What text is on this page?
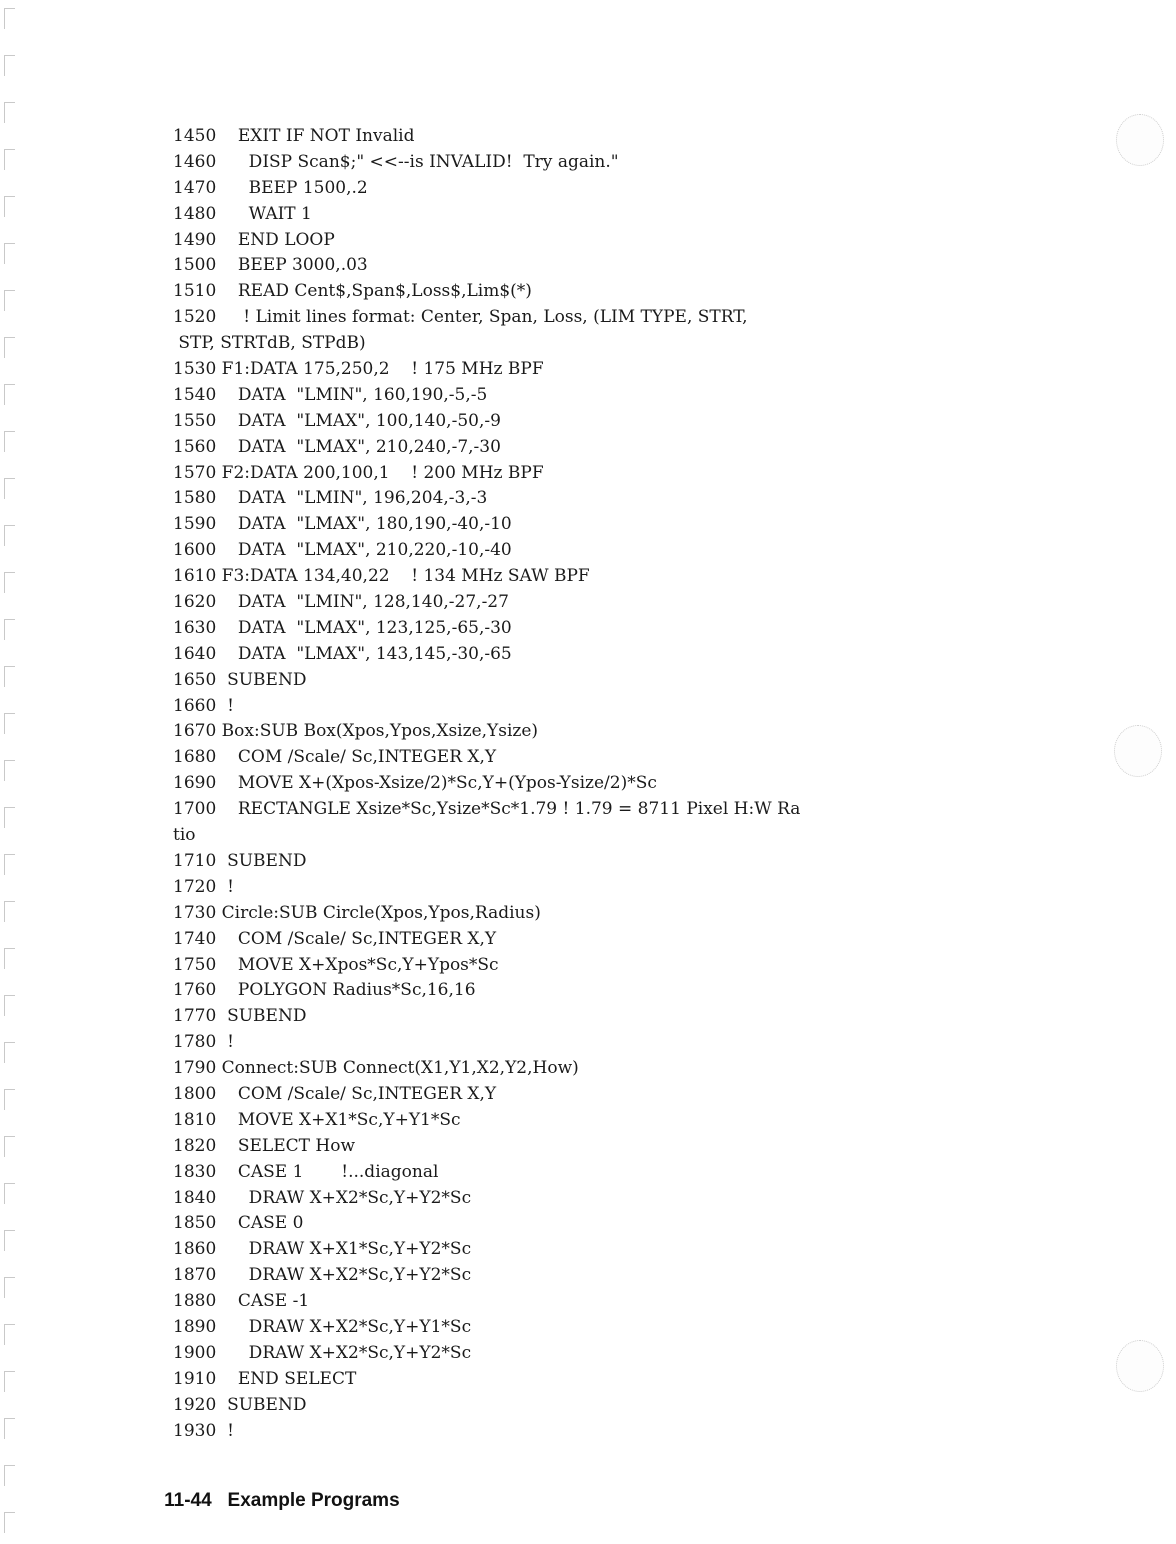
1450    EXIT IF NOT Invalid
1460      DISP Scan$;" <<--is INVALID!  Try again."
1470      BEEP 1500,.2
1480      WAIT 1
1490    END LOOP
1500    BEEP 3000,.03
1510    READ Cent$,Span$,Loss$,Lim$(*)
1520     ! Limit lines format: Center, Span, Loss, (LIM TYPE, STRT,
STP, STRTdB, STPdB)
1530 F1:DATA 175,250,2    ! 175 MHz BPF
1540    DATA  "LMIN", 160,190,-5,-5
1550    DATA  "LMAX", 100,140,-50,-9
1560    DATA  "LMAX", 210,240,-7,-30
1570 F2:DATA 200,100,1    ! 200 MHz BPF
1580    DATA  "LMIN", 196,204,-3,-3
1590    DATA  "LMAX", 180,190,-40,-10
1600    DATA  "LMAX", 210,220,-10,-40
1610 F3:DATA 134,40,22    ! 134 MHz SAW BPF
1620    DATA  "LMIN", 128,140,-27,-27
1630    DATA  "LMAX", 123,125,-65,-30
1640    DATA  "LMAX", 143,145,-30,-65
1650  SUBEND
1660  !
1670 Box:SUB Box(Xpos,Ypos,Xsize,Ysize)
1680    COM /Scale/ Sc,INTEGER X,Y
1690    MOVE X+(Xpos-Xsize/2)*Sc,Y+(Ypos-Ysize/2)*Sc
1700    RECTANGLE Xsize*Sc,Ysize*Sc*1.79 ! 1.79 = 8711 Pixel H:W Ra
tio
1710  SUBEND
1720  !
1730 Circle:SUB Circle(Xpos,Ypos,Radius)
1740    COM /Scale/ Sc,INTEGER X,Y
1750    MOVE X+Xpos*Sc,Y+Ypos*Sc
1760    POLYGON Radius*Sc,16,16
1770  SUBEND
1780  !
1790 Connect:SUB Connect(X1,Y1,X2,Y2,How)
1800    COM /Scale/ Sc,INTEGER X,Y
1810    MOVE X+X1*Sc,Y+Y1*Sc
1820    SELECT How
1830    CASE 1       !...diagonal
1840      DRAW X+X2*Sc,Y+Y2*Sc
1850    CASE 0
1860      DRAW X+X1*Sc,Y+Y2*Sc
1870      DRAW X+X2*Sc,Y+Y2*Sc
1880    CASE -1
1890      DRAW X+X2*Sc,Y+Y1*Sc
1900      DRAW X+X2*Sc,Y+Y2*Sc
1910    END SELECT
1920  SUBEND
1930  !

11-44 Example Programs
